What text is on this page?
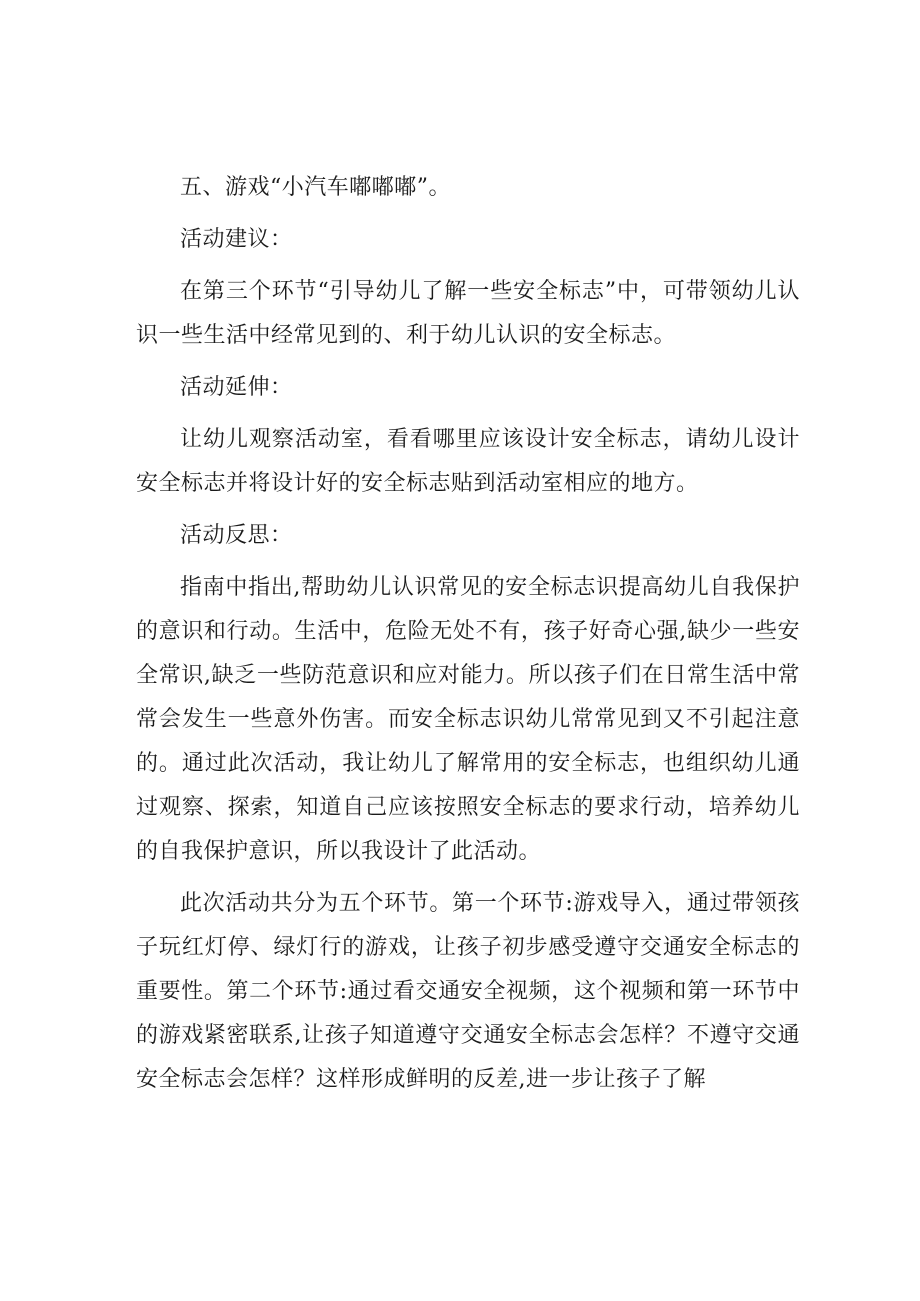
五、游戏“小汽车嘟嘟嘟”。

活动建议：

在第三个环节“引导幼儿了解一些安全标志”中，可带领幼儿认识一些生活中经常见到的、利于幼儿认识的安全标志。

活动延伸：

让幼儿观察活动室，看看哪里应该设计安全标志，请幼儿设计安全标志并将设计好的安全标志贴到活动室相应的地方。

活动反思：

指南中指出,帮助幼儿认识常见的安全标志识提高幼儿自我保护的意识和行动。生活中，危险无处不有，孩子好奇心强,缺少一些安全常识,缺乏一些防范意识和应对能力。所以孩子们在日常生活中常常会发生一些意外伤害。而安全标志识幼儿常常见到又不引起注意的。通过此次活动，我让幼儿了解常用的安全标志，也组织幼儿通过观察、探索，知道自己应该按照安全标志的要求行动，培养幼儿的自我保护意识，所以我设计了此活动。

此次活动共分为五个环节。第一个环节:游戏导入，通过带领孩子玩红灯停、绿灯行的游戏，让孩子初步感受遵守交通安全标志的重要性。第二个环节:通过看交通安全视频，这个视频和第一环节中的游戏紧密联系,让孩子知道遵守交通安全标志会怎样？不遵守交通安全标志会怎样？这样形成鲜明的反差,进一步让孩子了解
